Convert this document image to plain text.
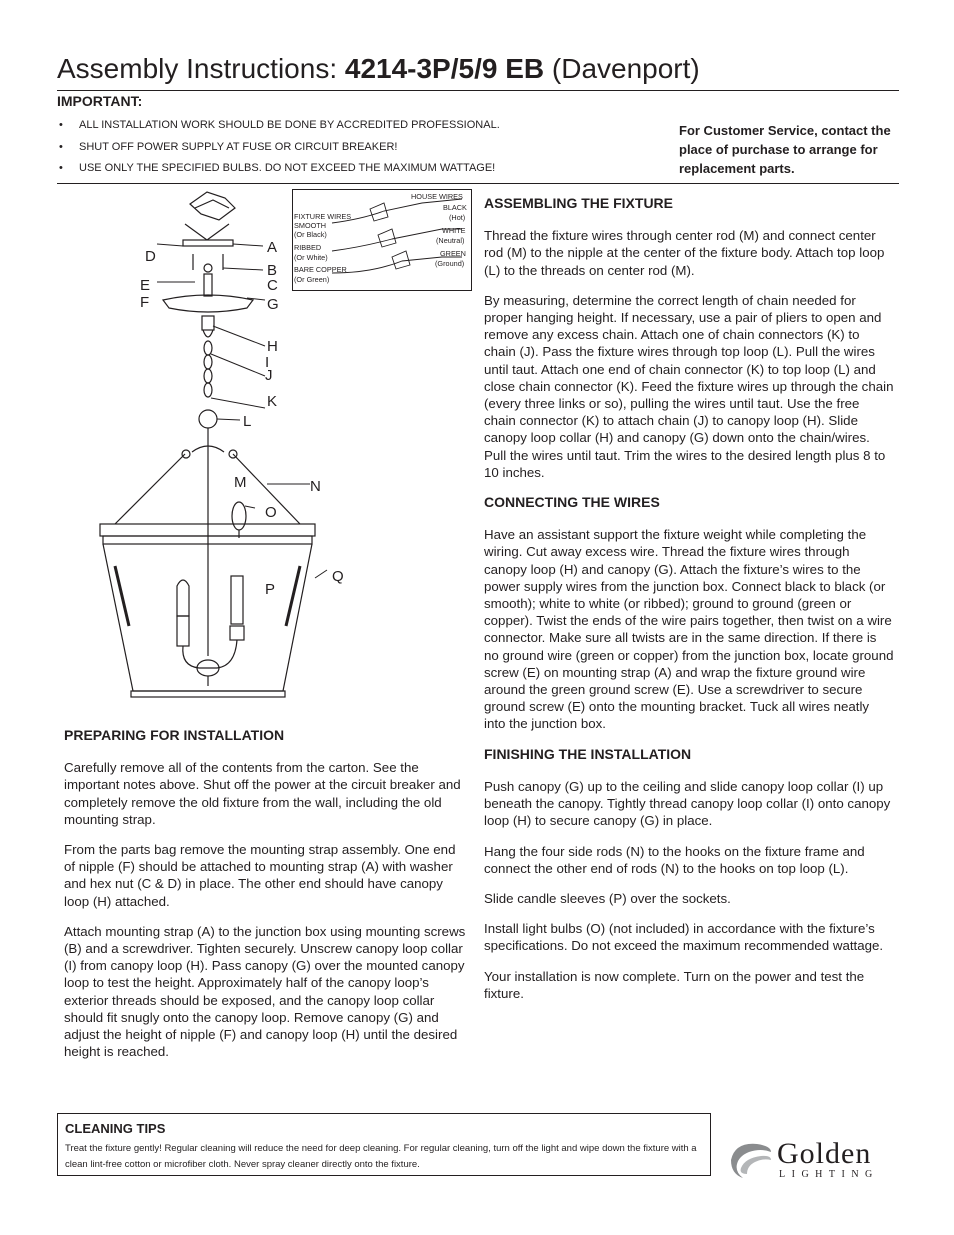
Assembly Instructions: 4214-3P/5/9 EB (Davenport)
IMPORTANT:
• ALL INSTALLATION WORK SHOULD BE DONE BY ACCREDITED PROFESSIONAL.
• SHUT OFF POWER SUPPLY AT FUSE OR CIRCUIT BREAKER!
• USE ONLY THE SPECIFIED BULBS. DO NOT EXCEED THE MAXIMUM WATTAGE!
For Customer Service, contact the place of purchase to arrange for replacement parts.
A
B
C
D
E
F	G
H
I
J
K
L
M	N
O
P
Q
HOUSE WIRES
BLACK
(Hot)
WHITE
(Neutral)
GREEN
(Ground)
FIXTURE WIRES
SMOOTH
(Or Black)
RIBBED
(Or White)
BARE COPPER
(Or Green)
PREPARING FOR INSTALLATION

Carefully remove all of the contents from the carton. See the important notes above. Shut off the power at the circuit breaker and completely remove the old fixture from the wall, including the old mounting strap.

From the parts bag remove the mounting strap assembly. One end of nipple (F) should be attached to mounting strap (A) with washer and hex nut (C & D) in place. The other end should have canopy loop (H) attached.

Attach mounting strap (A) to the junction box using mounting screws (B) and a screwdriver. Tighten securely. Unscrew canopy loop collar (I) from canopy loop (H). Pass canopy (G) over the mounted canopy loop to test the height. Approximately half of the canopy loop’s exterior threads should be exposed, and the canopy loop collar should fit snugly onto the canopy loop. Remove canopy (G) and adjust the height of nipple (F) and canopy loop (H) until the desired height is reached.

ASSEMBLING THE FIXTURE

Thread the fixture wires through center rod (M) and connect center rod (M) to the nipple at the center of the fixture body. Attach top loop (L) to the threads on center rod (M).

By measuring, determine the correct length of chain needed for proper hanging height. If necessary, use a pair of pliers to open and remove any excess chain. Attach one of chain connectors (K) to chain (J). Pass the fixture wires through top loop (L). Pull the wires until taut. Attach one end of chain connector (K) to top loop (L) and close chain connector (K). Feed the fixture wires up through the chain (every three links or so), pulling the wires until taut. Use the free chain connector (K) to attach chain (J) to canopy loop (H). Slide canopy loop collar (H) and canopy (G) down onto the chain/wires. Pull the wires until taut. Trim the wires to the desired length plus 8 to 10 inches.

CONNECTING THE WIRES

Have an assistant support the fixture weight while completing the wiring. Cut away excess wire. Thread the fixture wires through canopy loop (H) and canopy (G). Attach the fixture’s wires to the power supply wires from the junction box. Connect black to black (or smooth); white to white (or ribbed); ground to ground (green or copper). Twist the ends of the wire pairs together, then twist on a wire connector. Make sure all twists are in the same direction. If there is no ground wire (green or copper) from the junction box, locate ground screw (E) on mounting strap (A) and wrap the fixture ground wire around the green ground screw (E). Use a screwdriver to secure ground screw (E) onto the mounting bracket. Tuck all wires neatly into the junction box.

FINISHING THE INSTALLATION

Push canopy (G) up to the ceiling and slide canopy loop collar (I) up beneath the canopy. Tightly thread canopy loop collar (I) onto canopy loop (H) to secure canopy (G) in place.

Hang the four side rods (N) to the hooks on the fixture frame and connect the other end of rods (N) to the hooks on top loop (L).

Slide candle sleeves (P) over the sockets.

Install light bulbs (O) (not included) in accordance with the fixture’s specifications. Do not exceed the maximum recommended wattage.

Your installation is now complete. Turn on the power and test the fixture.

CLEANING TIPS

Treat the fixture gently! Regular cleaning will reduce the need for deep cleaning. For regular cleaning, turn off the light and wipe down the fixture with a clean lint-free cotton or microfiber cloth. Never spray cleaner directly onto the fixture.	Golden
LIGHTING
